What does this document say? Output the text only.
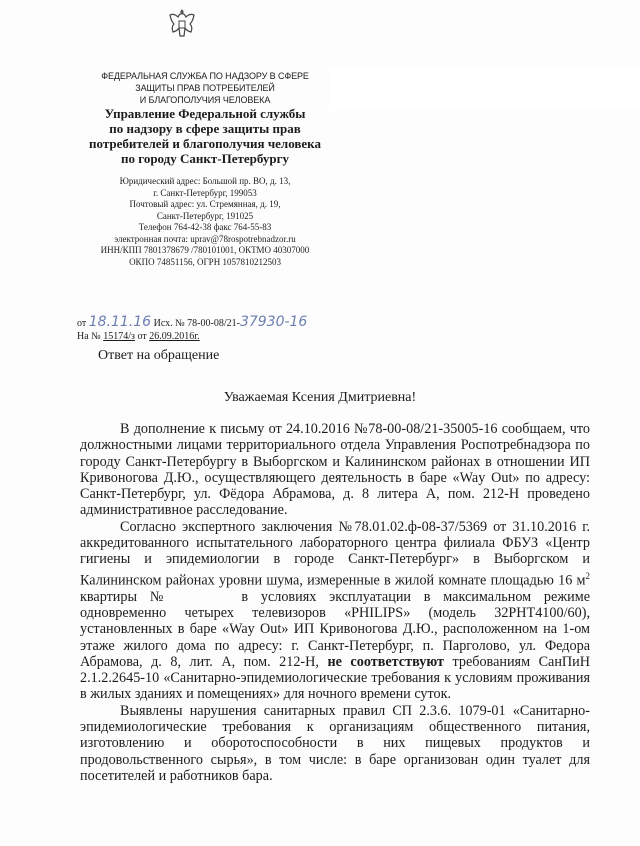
ФЕДЕРАЛЬНАЯ СЛУЖБА ПО НАДЗОРУ В СФЕРЕ
ЗАЩИТЫ ПРАВ ПОТРЕБИТЕЛЕЙ
И БЛАГОПОЛУЧИЯ ЧЕЛОВЕКА
Управление Федеральной службы
по надзору в сфере защиты прав
потребителей и благополучия человека
по городу Санкт-Петербургу
Юридический адрес: Большой пр. ВО, д. 13,
г. Санкт-Петербург, 199053
Почтовый адрес: ул. Стремянная, д. 19,
Санкт-Петербург, 191025
Телефон 764-42-38 факс 764-55-83
электронная почта: uprav@78rospotrebnadzor.ru
ИНН/КПП 7801378679 /780101001, ОКТМО 40307000
ОКПО 74851156, ОГРН 1057810212503
от 18.11.16 Исх. № 78-00-08/21-37930-16
На № 15174/з от 26.09.2016г.
Ответ на обращение
Уважаемая Ксения Дмитриевна!

В дополнение к письму от 24.10.2016 №78-00-08/21-35005-16 сообщаем, что должностными лицами территориального отдела Управления Роспотребнадзора по городу Санкт-Петербургу в Выборгском и Калининском районах в отношении ИП Кривоногова Д.Ю., осуществляющего деятельность в баре «Way Out» по адресу: Санкт-Петербург, ул. Фёдора Абрамова, д. 8 литера А, пом. 212-Н проведено административное расследование.

Согласно экспертного заключения №78.01.02.ф-08-37/5369 от 31.10.2016 г. аккредитованного испытательного лабораторного центра филиала ФБУЗ «Центр гигиены и эпидемиологии в городе Санкт-Петербург» в Выборгском и Калининском районах уровни шума, измеренные в жилой комнате площадью 16 $м^2$ квартиры №	в условиях эксплуатации в максимальном режиме одновременно четырех телевизоров «PHILIPS» (модель 32PHT4100/60), установленных в баре «Way Out» ИП Кривоногова Д.Ю., расположенном на 1-ом этаже жилого дома по адресу: г. Санкт-Петербург, п. Парголово, ул. Федора Абрамова, д. 8, лит. А, пом. 212-Н, не соответствуют требованиям СанПиН 2.1.2.2645-10 «Санитарно-эпидемиологические требования к условиям проживания в жилых зданиях и помещениях» для ночного времени суток.

Выявлены нарушения санитарных правил СП 2.3.6. 1079-01 «Санитарно-эпидемиологические требования к организациям общественного питания, изготовлению и оборотоспособности в них пищевых продуктов и продовольственного сырья», в том числе: в баре организован один туалет для посетителей и работников бара.
